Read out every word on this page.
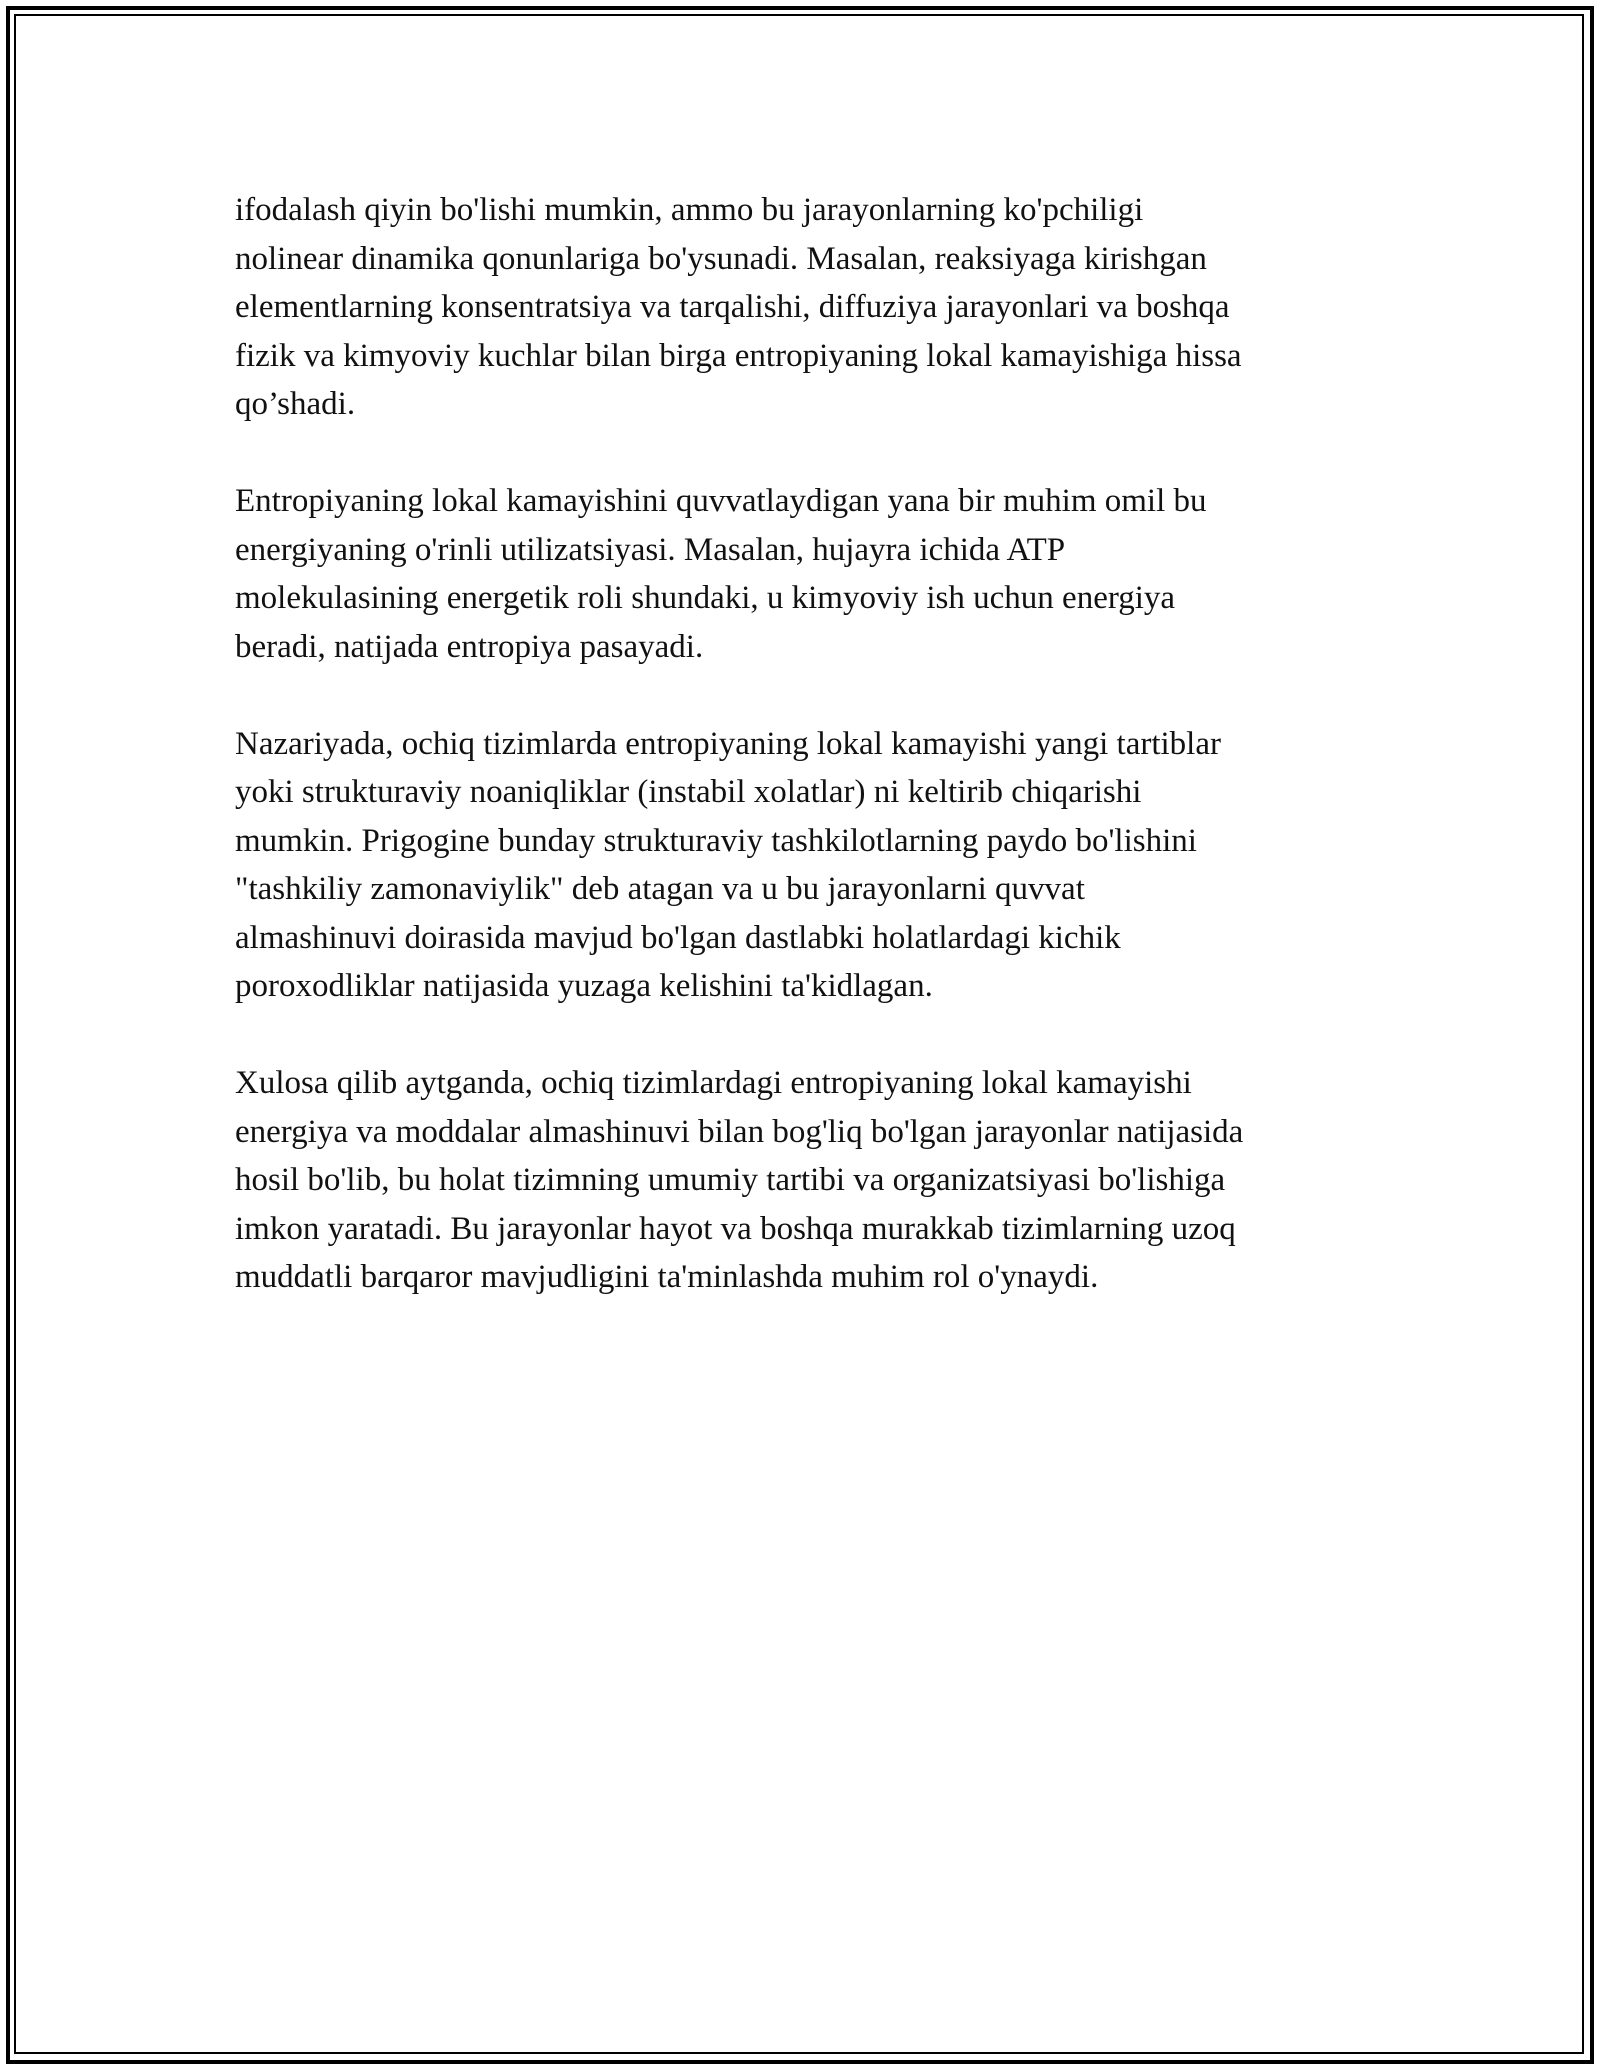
ifodalash qiyin bo'lishi mumkin, ammo bu jarayonlarning ko'pchiligi
nolinear dinamika qonunlariga bo'ysunadi. Masalan, reaksiyaga kirishgan
elementlarning konsentratsiya va tarqalishi, diffuziya jarayonlari va boshqa
fizik va kimyoviy kuchlar bilan birga entropiyaning lokal kamayishiga hissa
qo’shadi.

Entropiyaning lokal kamayishini quvvatlaydigan yana bir muhim omil bu
energiyaning o'rinli utilizatsiyasi. Masalan, hujayra ichida ATP
molekulasining energetik roli shundaki, u kimyoviy ish uchun energiya
beradi, natijada entropiya pasayadi.

Nazariyada, ochiq tizimlarda entropiyaning lokal kamayishi yangi tartiblar
yoki strukturaviy noaniqliklar (instabil xolatlar) ni keltirib chiqarishi
mumkin. Prigogine bunday strukturaviy tashkilotlarning paydo bo'lishini
"tashkiliy zamonaviylik" deb atagan va u bu jarayonlarni quvvat
almashinuvi doirasida mavjud bo'lgan dastlabki holatlardagi kichik
poroxodliklar natijasida yuzaga kelishini ta'kidlagan.

Xulosa qilib aytganda, ochiq tizimlardagi entropiyaning lokal kamayishi
energiya va moddalar almashinuvi bilan bog'liq bo'lgan jarayonlar natijasida
hosil bo'lib, bu holat tizimning umumiy tartibi va organizatsiyasi bo'lishiga
imkon yaratadi. Bu jarayonlar hayot va boshqa murakkab tizimlarning uzoq
muddatli barqaror mavjudligini ta'minlashda muhim rol o'ynaydi.
